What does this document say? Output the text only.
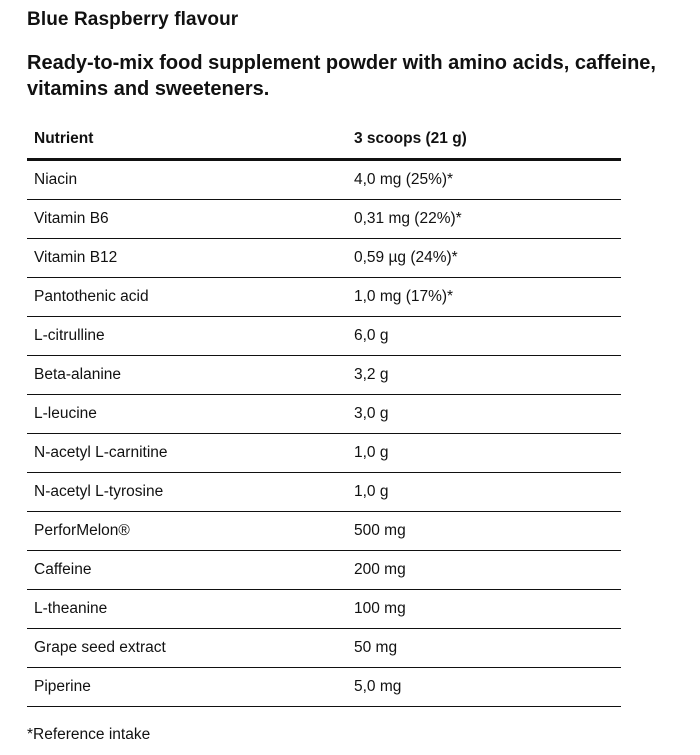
Blue Raspberry flavour
Ready-to-mix food supplement powder with amino acids, caffeine, vitamins and sweeteners.
Nutrient	3 scoops (21 g)
Niacin	4,0 mg (25%)*
Vitamin B6	0,31 mg (22%)*
Vitamin B12	0,59 µg (24%)*
Pantothenic acid	1,0 mg (17%)*
L-citrulline	6,0 g
Beta-alanine	3,2 g
L-leucine	3,0 g
N-acetyl L-carnitine	1,0 g
N-acetyl L-tyrosine	1,0 g
PerforMelon®	500 mg
Caffeine	200 mg
L-theanine	100 mg
Grape seed extract	50 mg
Piperine	5,0 mg
*Reference intake
